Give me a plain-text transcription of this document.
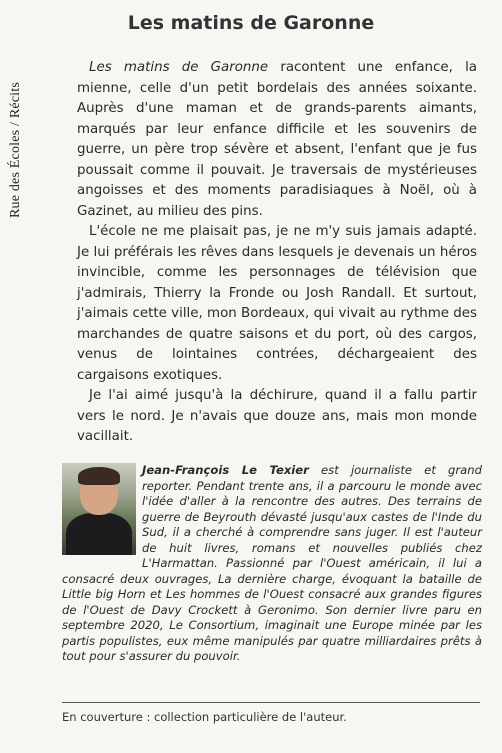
Rue des Écoles / Récits
Les matins de Garonne

Les matins de Garonne racontent une enfance, la mienne, celle d'un petit bordelais des années soixante. Auprès d'une maman et de grands-parents aimants, marqués par leur enfance difficile et les souvenirs de guerre, un père trop sévère et absent, l'enfant que je fus poussait comme il pouvait. Je traversais de mystérieuses angoisses et des moments paradisiaques à Noël, où à Gazinet, au milieu des pins.

L'école ne me plaisait pas, je ne m'y suis jamais adapté. Je lui préférais les rêves dans lesquels je devenais un héros invincible, comme les personnages de télévision que j'admirais, Thierry la Fronde ou Josh Randall. Et surtout, j'aimais cette ville, mon Bordeaux, qui vivait au rythme des marchandes de quatre saisons et du port, où des cargos, venus de lointaines contrées, déchargeaient des cargaisons exotiques.

Je l'ai aimé jusqu'à la déchirure, quand il a fallu partir vers le nord. Je n'avais que douze ans, mais mon monde vacillait.

Jean-François Le Texier est journaliste et grand reporter. Pendant trente ans, il a parcouru le monde avec l'idée d'aller à la rencontre des autres. Des terrains de guerre de Beyrouth dévasté jusqu'aux castes de l'Inde du Sud, il a cherché à comprendre sans juger. Il est l'auteur de huit livres, romans et nouvelles publiés chez L'Harmattan. Passionné par l'Ouest américain, il lui a consacré deux ouvrages, La dernière charge, évoquant la bataille de Little big Horn et Les hommes de l'Ouest consacré aux grandes figures de l'Ouest de Davy Crockett à Geronimo. Son dernier livre paru en septembre 2020, Le Consortium, imaginait une Europe minée par les partis populistes, eux même manipulés par quatre milliardaires prêts à tout pour s'assurer du pouvoir.
En couverture : collection particulière de l'auteur.
